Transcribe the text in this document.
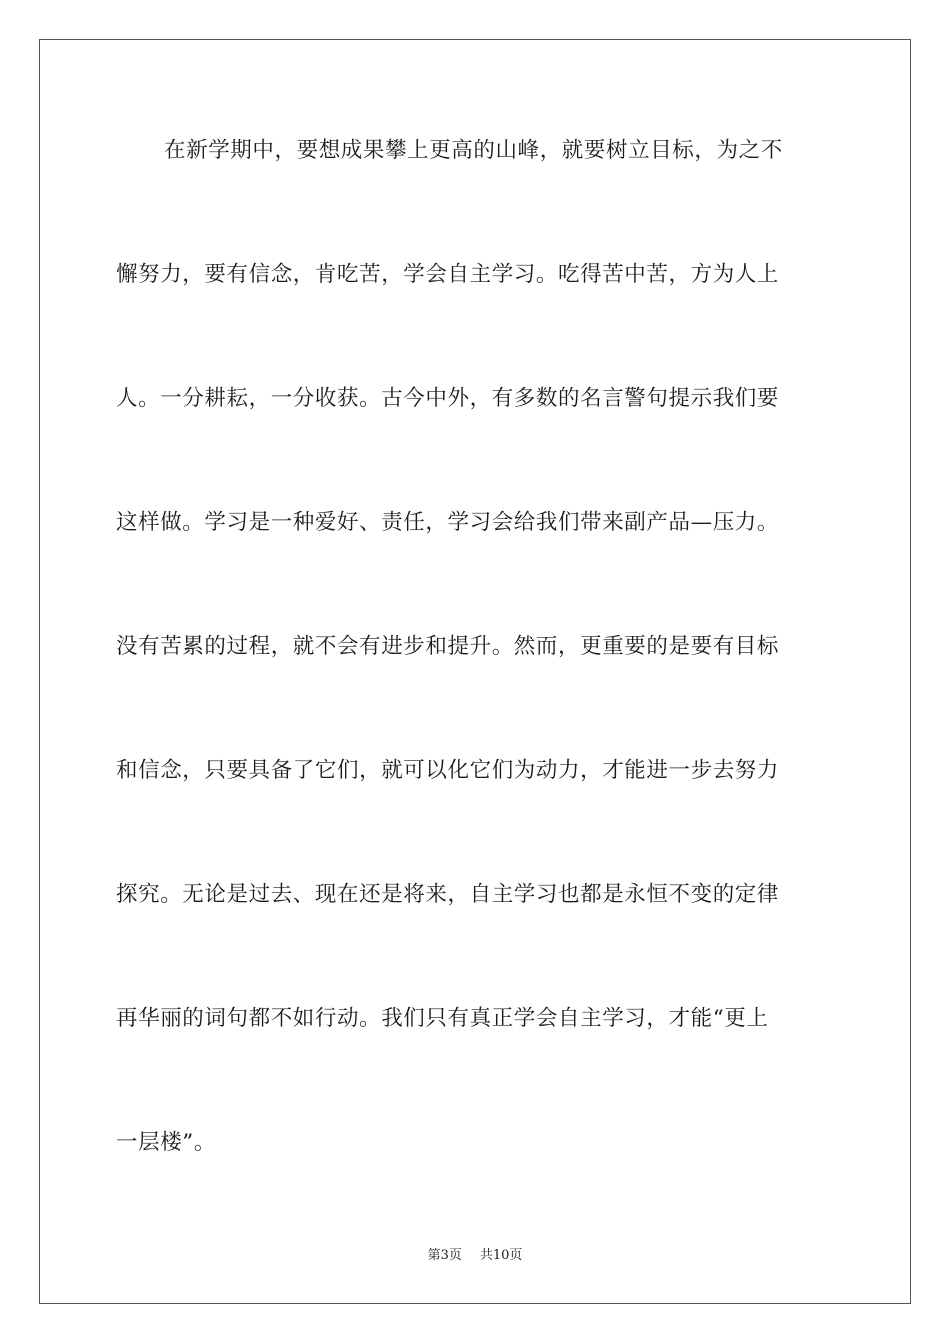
在新学期中，要想成果攀上更高的山峰，就要树立目标，为之不
懈努力，要有信念，肯吃苦，学会自主学习。吃得苦中苦，方为人上
人。一分耕耘，一分收获。古今中外，有多数的名言警句提示我们要
这样做。学习是一种爱好、责任，学习会给我们带来副产品—压力。
没有苦累的过程，就不会有进步和提升。然而，更重要的是要有目标
和信念，只要具备了它们，就可以化它们为动力，才能进一步去努力
探究。无论是过去、现在还是将来，自主学习也都是永恒不变的定律
再华丽的词句都不如行动。我们只有真正学会自主学习，才能“更上
一层楼”。
第3页 共10页
